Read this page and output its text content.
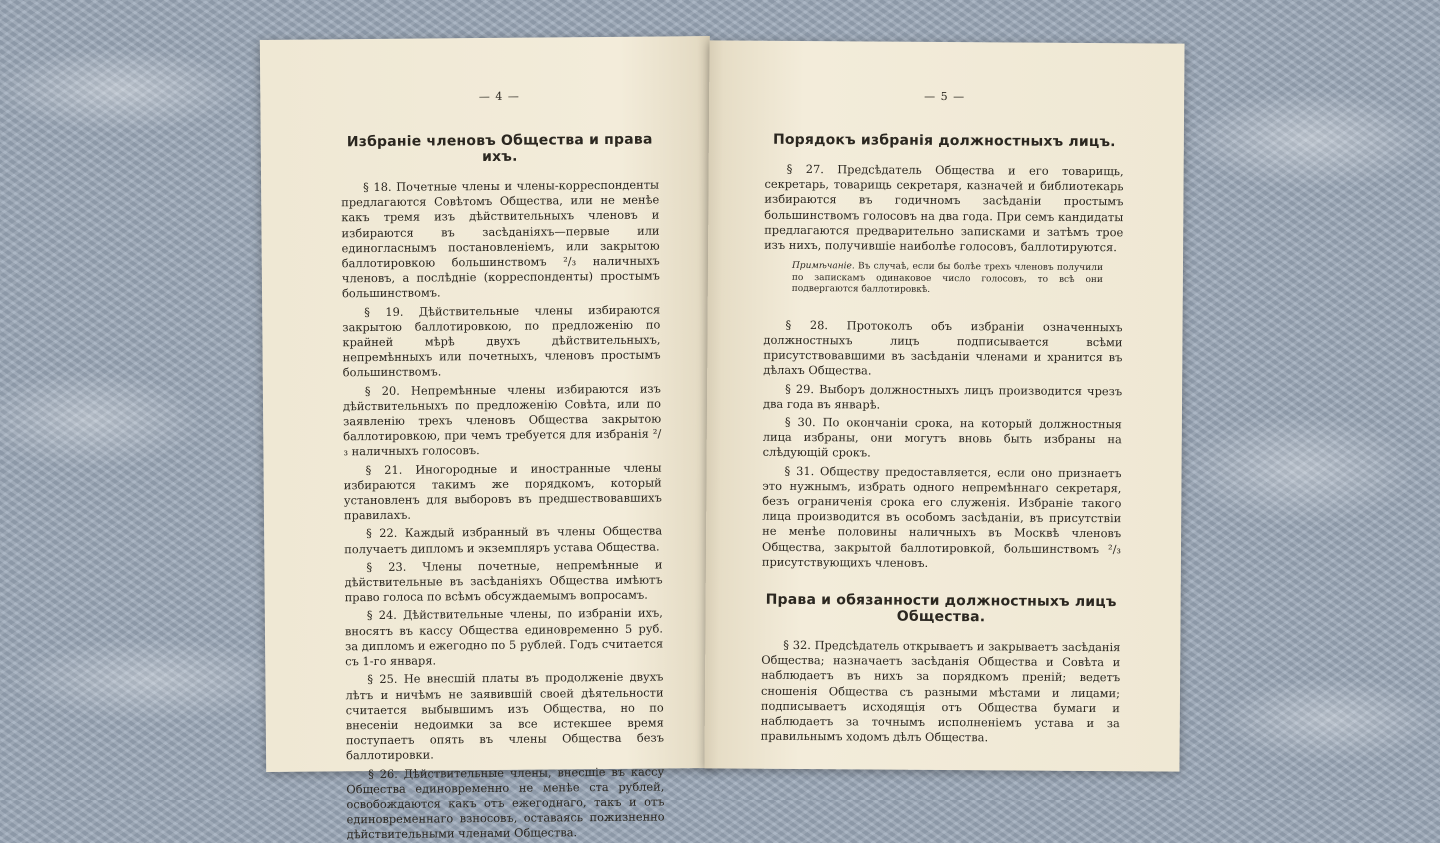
— 4 —
Избраніе членовъ Общества и права ихъ.

§ 18. Почетные члены и члены-корреспонденты предлагаются Совѣтомъ Общества, или не менѣе какъ тремя изъ дѣйствительныхъ членовъ и избираются въ засѣданіяхъ—первые или единогласнымъ постановленіемъ, или закрытою баллотировкою большинствомъ ²/₃ наличныхъ членовъ, а послѣдніе (корреспонденты) простымъ большинствомъ.

§ 19. Дѣйствительные члены избираются закрытою баллотировкою, по предложенію по крайней мѣрѣ двухъ дѣйствительныхъ, непремѣнныхъ или почетныхъ, членовъ простымъ большинствомъ.

§ 20. Непремѣнные члены избираются изъ дѣйствительныхъ по предложенію Совѣта, или по заявленію трехъ членовъ Общества закрытою баллотировкою, при чемъ требуется для избранія ²/₃ наличныхъ голосовъ.

§ 21. Иногородные и иностранные члены избираются такимъ же порядкомъ, который установленъ для выборовъ въ предшествовавшихъ правилахъ.

§ 22. Каждый избранный въ члены Общества получаетъ дипломъ и экземпляръ устава Общества.

§ 23. Члены почетные, непремѣнные и дѣйствительные въ засѣданіяхъ Общества имѣютъ право голоса по всѣмъ обсуждаемымъ вопросамъ.

§ 24. Дѣйствительные члены, по избраніи ихъ, вносятъ въ кассу Общества единовременно 5 руб. за дипломъ и ежегодно по 5 рублей. Годъ считается съ 1-го января.

§ 25. Не внесшій платы въ продолженіе двухъ лѣтъ и ничѣмъ не заявившій своей дѣятельности считается выбывшимъ изъ Общества, но по внесеніи недоимки за все истекшее время поступаетъ опять въ члены Общества безъ баллотировки.

§ 26. Дѣйствительные члены, внесшіе въ кассу Общества единовременно не менѣе ста рублей, освобождаются какъ отъ ежегоднаго, такъ и отъ единовременнаго взносовъ, оставаясь пожизненно дѣйствительными членами Общества.

— 5 —
Порядокъ избранія должностныхъ лицъ.

§ 27. Предсѣдатель Общества и его товарищь, секретарь, товарищь секретаря, казначей и библиотекарь избираются въ годичномъ засѣданіи простымъ большинствомъ голосовъ на два года. При семъ кандидаты предлагаются предварительно записками и затѣмъ трое изъ нихъ, получившіе наиболѣе голосовъ, баллотируются.

Примѣчаніе. Въ случаѣ, если бы болѣе трехъ членовъ получили по запискамъ одинаковое число голосовъ, то всѣ они подвергаются баллотировкѣ.

§ 28. Протоколъ объ избраніи означенныхъ должностныхъ лицъ подписывается всѣми присутствовавшими въ засѣданіи членами и хранится въ дѣлахъ Общества.

§ 29. Выборъ должностныхъ лицъ производится чрезъ два года въ январѣ.

§ 30. По окончаніи срока, на который должностныя лица избраны, они могутъ вновь быть избраны на слѣдующій срокъ.

§ 31. Обществу предоставляется, если оно признаетъ это нужнымъ, избрать одного непремѣннаго секретаря, безъ ограниченія срока его служенія. Избраніе такого лица производится въ особомъ засѣданіи, въ присутствіи не менѣе половины наличныхъ въ Москвѣ членовъ Общества, закрытой баллотировкой, большинствомъ ²/₃ присутствующихъ членовъ.

Права и обязанности должностныхъ лицъ Общества.

§ 32. Предсѣдатель открываетъ и закрываетъ засѣданія Общества; назначаетъ засѣданія Общества и Совѣта и наблюдаетъ въ нихъ за порядкомъ преній; ведетъ сношенія Общества съ разными мѣстами и лицами; подписываетъ исходящія отъ Общества бумаги и наблюдаетъ за точнымъ исполненіемъ устава и за правильнымъ ходомъ дѣлъ Общества.
